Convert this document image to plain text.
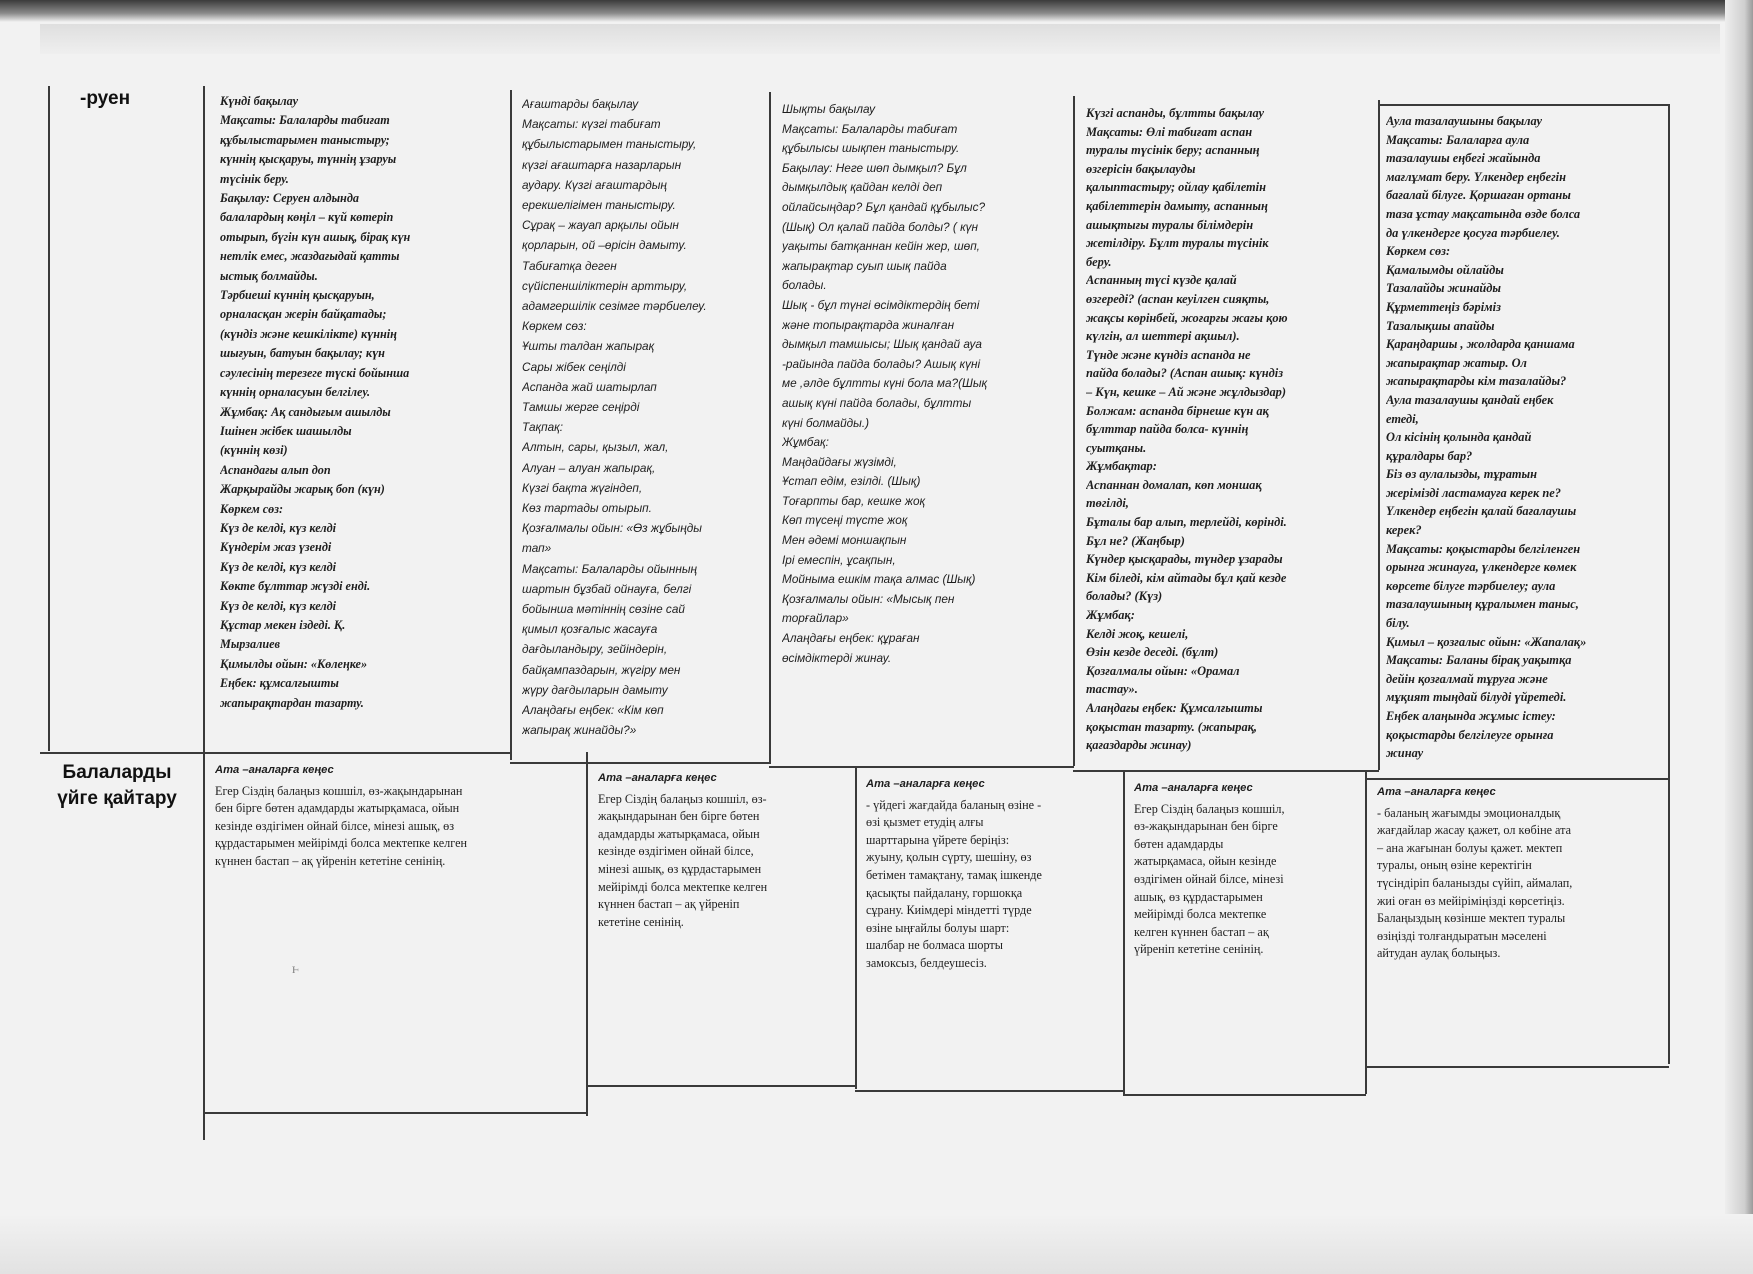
-руен
Балаларды
үйге қайтару
Күнді бақылау
Мақсаты: Балаларды табиғат
құбылыстарымен таныстыру;
күннің қысқаруы, түннің ұзаруы
түсінік беру.
Бақылау: Серуен алдында
балалардың көңіл – күй көтеріп
отырып, бүгін күн ашық, бірақ күн
нетлік емес, жаздағыдай қатты
ыстық болмайды.
Тәрбиеші күннің қысқаруын,
орналасқан жерін байқатады;
(күндіз және кешкілікте) күннің
шығуын, батуын бақылау; күн
сәулесінің терезеге түскі бойынша
күннің орналасуын белгілеу.
Жұмбақ: Ақ сандығым ашылды
Ішінен жібек шашылды
(күннің көзі)
Аспандағы алып доп
Жарқырайды жарық боп (күн)
Көркем сөз:
Күз де келді, күз келді
Күндерім жаз үзенді
Күз де келді, күз келді
Көкте бұлттар жүзді енді.
Күз де келді, күз келді
Құстар мекен іздеді. Қ.
Мырзалиев
Қимылды ойын: «Көлеңке»
Еңбек: құмсалғышты
жапырақтардан тазарту.
Ағаштарды бақылау
Мақсаты: күзгі табиғат
құбылыстарымен таныстыру,
күзгі ағаштарға назарларын
аудару. Күзгі ағаштардың
ерекшелігімен таныстыру.
Сұрақ – жауап арқылы ойын
қорларын, ой –өрісін дамыту.
Табиғатқа деген
сүйіспеншіліктерін арттыру,
адамгершілік сезімге тәрбиелеу.
Көркем сөз:
Ұшты талдан жапырақ
Сары жібек сеңілді
Аспанда жай шатырлап
Тамшы жерге сеңірді
Тақпақ:
Алтын, сары, қызыл, жал,
Алуан – алуан жапырақ,
Күзгі бақта жүгіндеп,
Көз тартады отырып.
Қозғалмалы ойын: «Өз жұбыңды
тап»
Мақсаты: Балаларды ойынның
шартын бұзбай ойнауға, белгі
бойынша мәтіннің сөзіне сай
қимыл қозғалыс жасауға
дағдыландыру, зейіндерін,
байқампаздарын, жүгіру мен
жүру дағдыларын дамыту
Алаңдағы еңбек: «Кім көп
жапырақ жинайды?»
Шықты бақылау
Мақсаты: Балаларды табиғат
құбылысы шықпен таныстыру.
Бақылау: Неге шөп дымқыл? Бұл
дымқылдық қайдан келді деп
ойлайсыңдар? Бұл қандай құбылыс?
(Шық) Ол қалай пайда болды? ( күн
уақыты батқаннан кейін жер, шөп,
жапырақтар суып шық пайда
болады.
Шық - бұл түнгі өсімдіктердің беті
және топырақтарда жиналған
дымқыл тамшысы; Шық қандай ауа
-райында пайда болады? Ашық күні
ме ,әлде бұлтты күні бола ма?(Шық
ашық күні пайда болады, бұлтты
күні болмайды.)
Жұмбақ:
Маңдайдағы жүзімді,
Ұстап едім, езілді. (Шық)
Тоғарпты бар, кешке жоқ
Көп түсеңі түсте жоқ
Мен әдемі моншақпын
Ірі емеспін, ұсақпын,
Мойныма ешкім тақа алмас (Шық)
Қозғалмалы ойын: «Мысық пен
торғайлар»
Алаңдағы еңбек: құраған
өсімдіктерді жинау.
Күзгі аспанды, бұлтты бақылау
Мақсаты: Өлі табиғат аспан
туралы түсінік беру; аспанның
өзгерісін бақылауды
қалыптастыру; ойлау қабілетін
қабілеттерін дамыту, аспанның
ашықтығы туралы білімдерін
жетілдіру. Бұлт туралы түсінік
беру.
Аспанның түсі күзде қалай
өзгереді? (аспан кеуілген сияқты,
жақсы көрінбей, жоғарғы жағы қою
күлгін, ал шеттері ақшыл).
Түнде және күндіз аспанда не
пайда болады? (Аспан ашық: күндіз
– Күн, кешке – Ай және жұлдыздар)
Болжам: аспанда бірнеше күн ақ
бұлттар пайда болса- күннің
суытқаны.
Жұмбақтар:
Аспаннан домалап, көп моншақ
төгілді,
Бұталы бар алып, терлейді, көрінді.
Бұл не? (Жаңбыр)
Күндер қысқарады, түндер ұзарады
Кім біледі, кім айтады бұл қай кезде
болады? (Күз)
Жұмбақ:
Келді жоқ, кешелі,
Өзін кезде деседі. (бұлт)
Қозғалмалы ойын: «Орамал
тастау».
Алаңдағы еңбек: Құмсалғышты
қоқыстан тазарту. (жапырақ,
қағаздарды жинау)
Аула тазалаушыны бақылау
Мақсаты: Балаларға аула
тазалаушы еңбегі жайында
мағлұмат беру. Үлкендер еңбегін
бағалай білуге. Қоршаған ортаны
таза ұстау мақсатында өзде болса
да үлкендерге қосуға тәрбиелеу.
Көркем сөз:
Қамалымды ойлайды
Тазалайды жинайды
Құрметтеңіз бәріміз
Тазалықшы апайды
Қараңдаршы , жолдарда қаншама
жапырақтар жатыр. Ол
жапырақтарды кім тазалайды?
Аула тазалаушы қандай еңбек
етеді,
Ол кісінің қолында қандай
құралдары бар?
Біз өз аулалызды, тұратын
жерімізді ластамауға керек пе?
Үлкендер еңбегін қалай бағалаушы
керек?
Мақсаты: қоқыстарды белгіленген
орынға жинауға, үлкендерге көмек
көрсете білуге тәрбиелеу; аула
тазалаушының құралымен таныс,
білу.
Қимыл – қозғалыс ойын: «Жапалақ»
Мақсаты: Баланы бірақ уақытқа
дейін қозғалмай тұруға және
мұқият тыңдай білуді үйретеді.
Еңбек алаңында жұмыс істеу:
қоқыстарды белгілеуге орынға
жинау
Ата –аналарға кеңес
Егер Сіздің балаңыз кошшіл, өз-жақындарынан
бен бірге бөтен адамдарды жатырқамаса, ойын
кезінде өздігімен ойнай білсе, мінезі ашық, өз
құрдастарымен мейірімді болса мектепке келген
күннен бастап – ақ үйренін кететіне сенінің.
Ата –аналарға кеңес
Егер Сіздің балаңыз кошшіл, өз-
жақындарынан бен бірге бөтен
адамдарды жатырқамаса, ойын
кезінде өздігімен ойнай білсе,
мінезі ашық, өз құрдастарымен
мейірімді болса мектепке келген
күннен бастап – ақ үйреніп
кететіне сенінің.
Ата –аналарға кеңес
- үйдегі жағдайда баланың өзіне -
өзі қызмет етудің алғы
шарттарына үйрете беріңіз:
жуыну, қолын сүрту, шешіну, өз
бетімен тамақтану, тамақ ішкенде
қасықты пайдалану, горшокқа
сұрану. Киімдері міндетті түрде
өзіне ыңғайлы болуы шарт:
шалбар не болмаса шорты
замоксыз, белдеушесіз.
Ата –аналарға кеңес
Егер Сіздің балаңыз кошшіл,
өз-жақындарынан бен бірге
бөтен адамдарды
жатырқамаса, ойын кезінде
өздігімен ойнай білсе, мінезі
ашық, өз құрдастарымен
мейірімді болса мектепке
келген күннен бастап – ақ
үйреніп кететіне сенінің.
Ата –аналарға кеңес
- баланың жағымды эмоционалдық
жағдайлар жасау қажет, ол көбіне ата
– ана жағынан болуы қажет. мектеп
туралы, оның өзіне керектігін
түсіндіріп баланызды сүйіп, аймалап,
жиі оған өз мейіріміңізді көрсетіңіз.
Балаңыздың көзінше мектеп туралы
өзіңізді толғандыратын мәселені
айтудан аулақ болыңыз.
ⱶ
